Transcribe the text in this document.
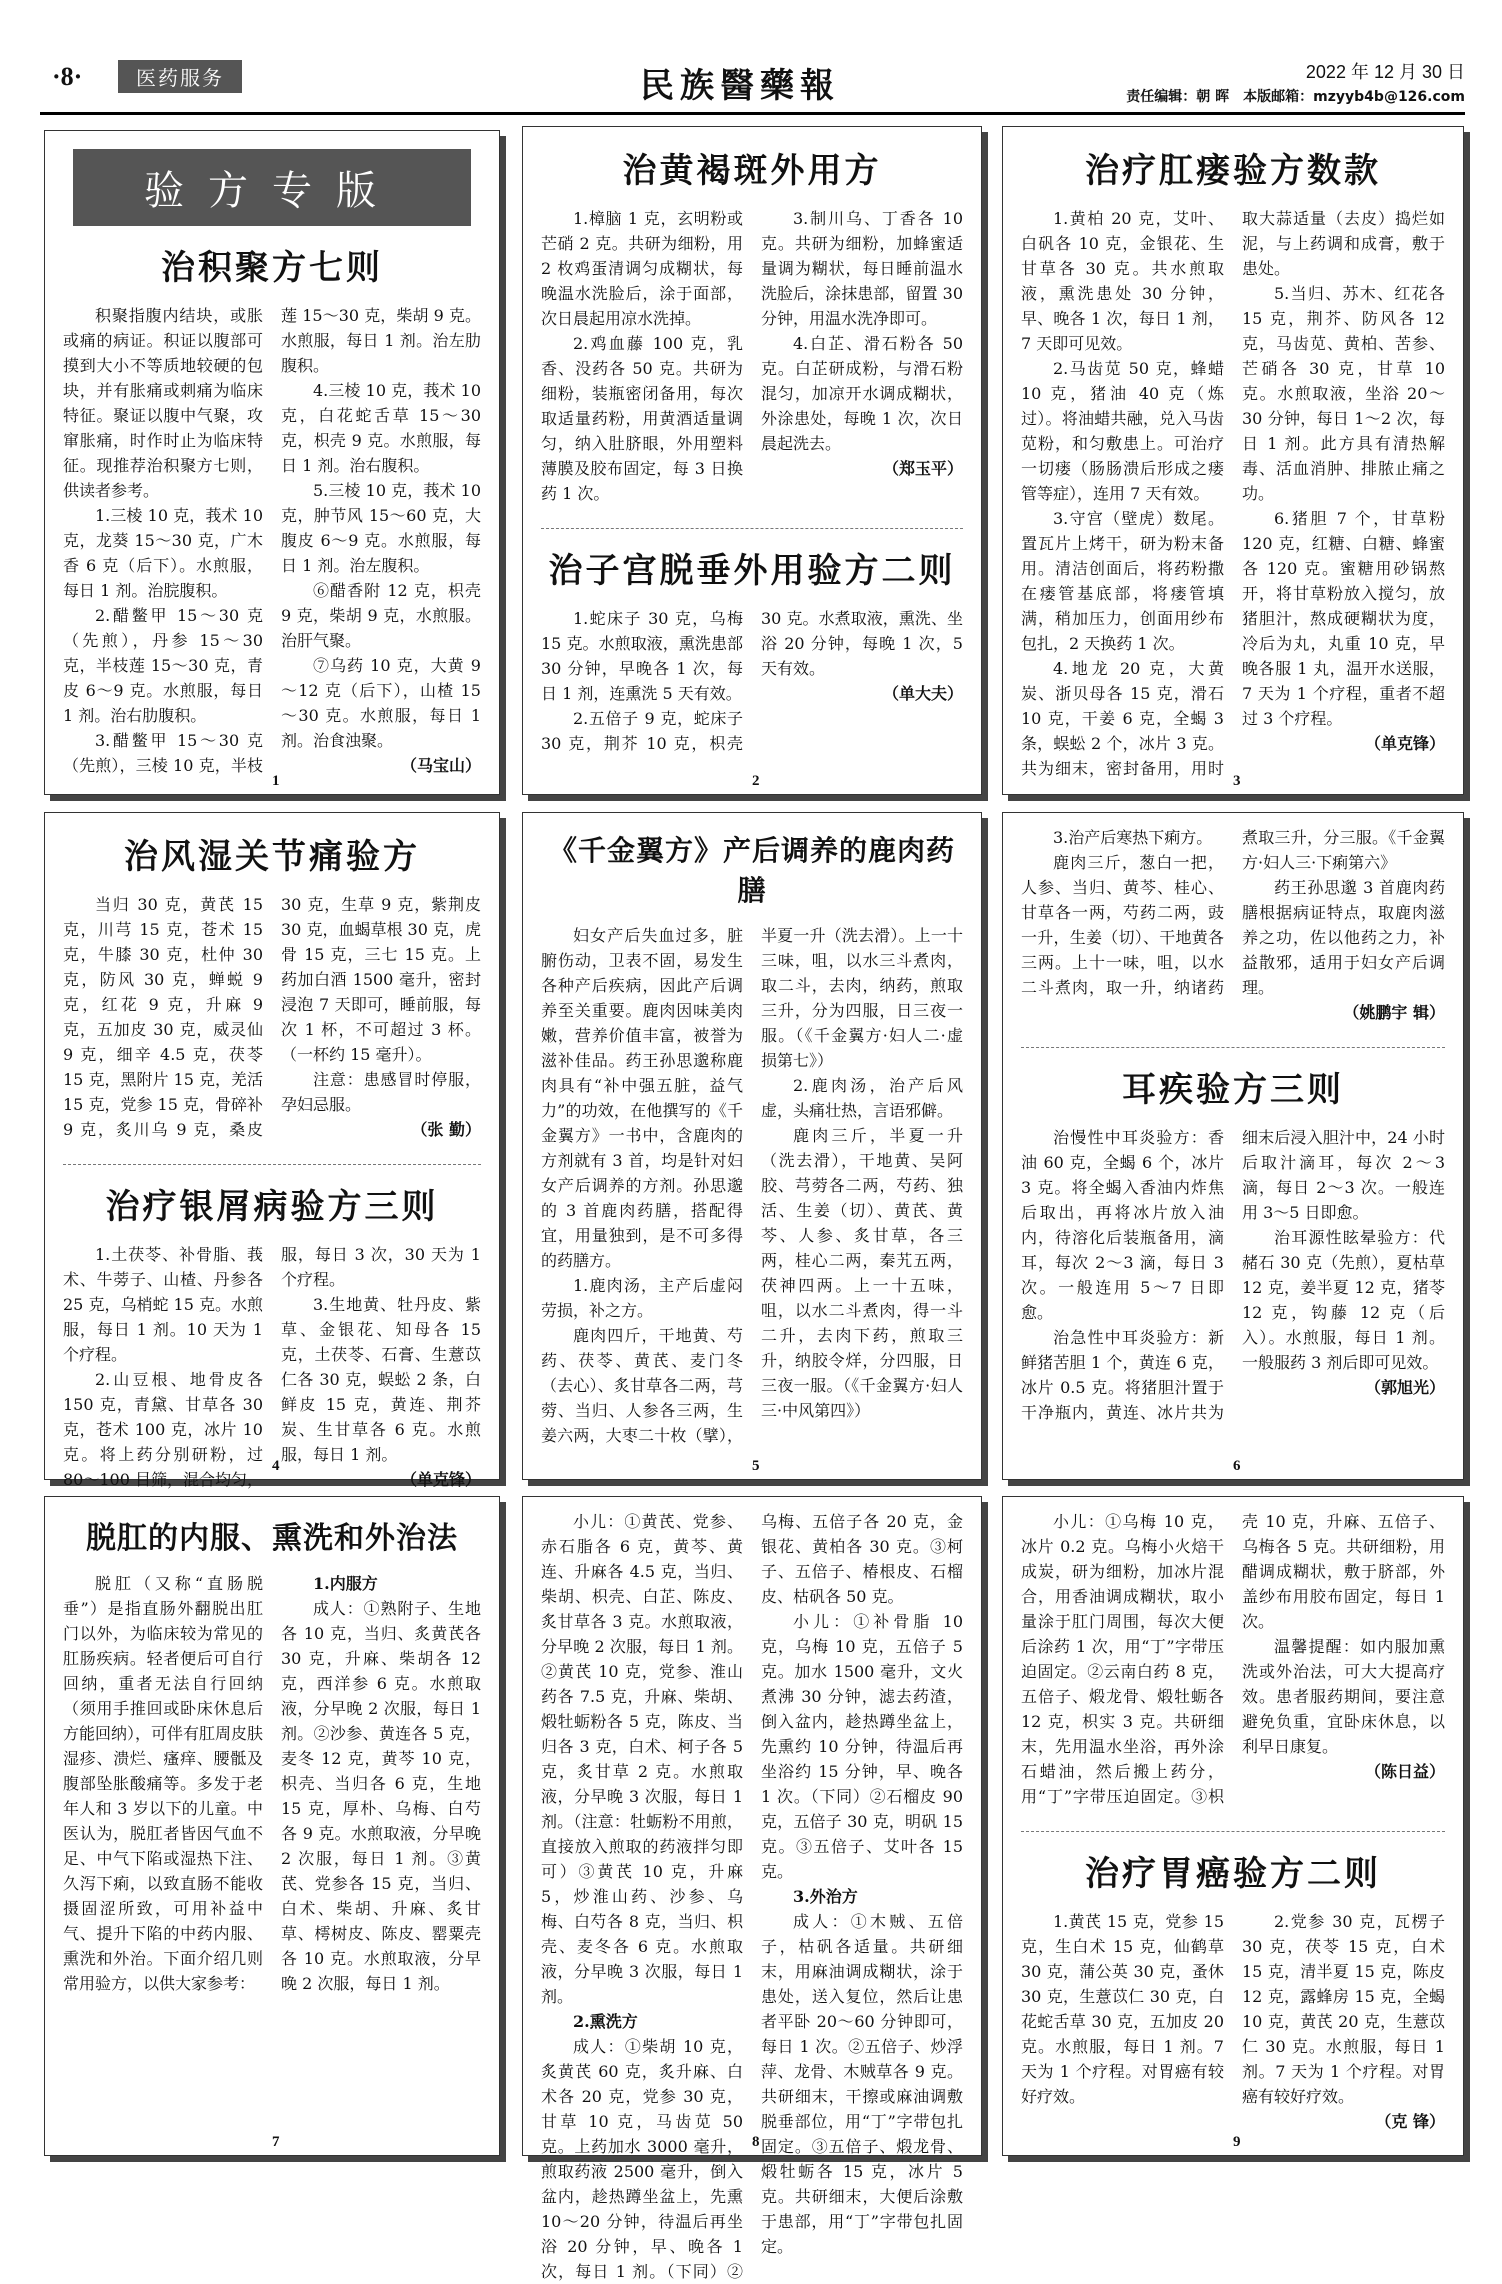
·8·	医药服务	民族醫藥報	2022 年 12 月 30 日
责任编辑：朝 晖　本版邮箱：mzyyb4b@126.com
验方专版
治积聚方七则

积聚指腹内结块，或胀或痛的病证。积证以腹部可摸到大小不等质地较硬的包块，并有胀痛或刺痛为临床特征。聚证以腹中气聚，攻窜胀痛，时作时止为临床特征。现推荐治积聚方七则，供读者参考。

1.三棱 10 克，莪术 10 克，龙葵 15～30 克，广木香 6 克（后下）。水煎服，每日 1 剂。治脘腹积。

2.醋鳖甲 15～30 克（先煎），丹参 15～30 克，半枝莲 15～30 克，青皮 6～9 克。水煎服，每日 1 剂。治右肋腹积。

3.醋鳖甲 15～30 克（先煎），三棱 10 克，半枝莲 15～30 克，柴胡 9 克。水煎服，每日 1 剂。治左肋腹积。

4.三棱 10 克，莪术 10 克，白花蛇舌草 15～30 克，枳壳 9 克。水煎服，每日 1 剂。治右腹积。

5.三棱 10 克，莪术 10 克，肿节风 15～60 克，大腹皮 6～9 克。水煎服，每日 1 剂。治左腹积。

⑥醋香附 12 克，枳壳 9 克，柴胡 9 克，水煎服。治肝气聚。

⑦乌药 10 克，大黄 9～12 克（后下），山楂 15～30 克。水煎服，每日 1 剂。治食浊聚。

（马宝山）
1
治黄褐斑外用方

1.樟脑 1 克，玄明粉或芒硝 2 克。共研为细粉，用 2 枚鸡蛋清调匀成糊状，每晚温水洗脸后，涂于面部，次日晨起用凉水洗掉。

2.鸡血藤 100 克，乳香、没药各 50 克。共研为细粉，装瓶密闭备用，每次取适量药粉，用黄酒适量调匀，纳入肚脐眼，外用塑料薄膜及胶布固定，每 3 日换药 1 次。

3.制川乌、丁香各 10 克。共研为细粉，加蜂蜜适量调为糊状，每日睡前温水洗脸后，涂抹患部，留置 30 分钟，用温水洗净即可。

4.白芷、滑石粉各 50 克。白芷研成粉，与滑石粉混匀，加凉开水调成糊状，外涂患处，每晚 1 次，次日晨起洗去。

（郑玉平）
治子宫脱垂外用验方二则

1.蛇床子 30 克，乌梅 15 克。水煎取液，熏洗患部 30 分钟，早晚各 1 次，每日 1 剂，连熏洗 5 天有效。

2.五倍子 9 克，蛇床子 30 克，荆芥 10 克，枳壳 30 克。水煮取液，熏洗、坐浴 20 分钟，每晚 1 次，5 天有效。

（单大夫）
2
治疗肛瘘验方数款

1.黄柏 20 克，艾叶、白矾各 10 克，金银花、生甘草各 30 克。共水煎取液，熏洗患处 30 分钟，早、晚各 1 次，每日 1 剂，7 天即可见效。

2.马齿苋 50 克，蜂蜡 10 克，猪油 40 克（炼过）。将油蜡共融，兑入马齿苋粉，和匀敷患上。可治疗一切瘘（肠肠溃后形成之瘘管等症），连用 7 天有效。

3.守宫（壁虎）数尾。置瓦片上烤干，研为粉末备用。清洁创面后，将药粉撒在瘘管基底部，将瘘管填满，稍加压力，创面用纱布包扎，2 天换药 1 次。

4.地龙 20 克，大黄炭、浙贝母各 15 克，滑石 10 克，干姜 6 克，全蝎 3 条，蜈蚣 2 个，冰片 3 克。共为细末，密封备用，用时取大蒜适量（去皮）捣烂如泥，与上药调和成膏，敷于患处。

5.当归、苏木、红花各 15 克，荆芥、防风各 12 克，马齿苋、黄柏、苦参、芒硝各 30 克，甘草 10 克。水煎取液，坐浴 20～30 分钟，每日 1～2 次，每日 1 剂。此方具有清热解毒、活血消肿、排脓止痛之功。

6.猪胆 7 个，甘草粉 120 克，红糖、白糖、蜂蜜各 120 克。蜜糖用砂锅熬开，将甘草粉放入搅匀，放猪胆汁，熬成硬糊状为度，冷后为丸，丸重 10 克，早晚各服 1 丸，温开水送服，7 天为 1 个疗程，重者不超过 3 个疗程。

（单克锋）
3
治风湿关节痛验方

当归 30 克，黄芪 15 克，川芎 15 克，苍术 15 克，牛膝 30 克，杜仲 30 克，防风 30 克，蝉蜕 9 克，红花 9 克，升麻 9 克，五加皮 30 克，威灵仙 9 克，细辛 4.5 克，茯苓 15 克，黑附片 15 克，羌活 15 克，党参 15 克，骨碎补 9 克，炙川乌 9 克，桑皮 30 克，生草 9 克，紫荆皮 30 克，血蝎草根 30 克，虎骨 15 克，三七 15 克。上药加白酒 1500 毫升，密封浸泡 7 天即可，睡前服，每次 1 杯，不可超过 3 杯。（一杯约 15 毫升）。

注意：患感冒时停服，孕妇忌服。

（张 勤）
治疗银屑病验方三则

1.土茯苓、补骨脂、莪术、牛蒡子、山楂、丹参各 25 克，乌梢蛇 15 克。水煎服，每日 1 剂。10 天为 1 个疗程。

2.山豆根、地骨皮各 150 克，青黛、甘草各 30 克，苍术 100 克，冰片 10 克。将上药分别研粉，过 80～100 目筛，混合均匀， 服，每日 3 次，30 天为 1 个疗程。

3.生地黄、牡丹皮、紫草、金银花、知母各 15 克，土茯苓、石膏、生薏苡仁各 30 克，蜈蚣 2 条，白鲜皮 15 克，黄连、荆芥炭、生甘草各 6 克。水煎服，每日 1 剂。

（单克锋）
4
《千金翼方》产后调养的鹿肉药膳

妇女产后失血过多，脏腑伤动，卫表不固，易发生各种产后疾病，因此产后调养至关重要。鹿肉因味美肉嫩，营养价值丰富，被誉为滋补佳品。药王孙思邈称鹿肉具有“补中强五脏，益气力”的功效，在他撰写的《千金翼方》一书中，含鹿肉的方剂就有 3 首，均是针对妇女产后调养的方剂。孙思邈的 3 首鹿肉药膳，搭配得宜，用量独到，是不可多得的药膳方。

1.鹿肉汤，主产后虚闷劳损，补之方。

鹿肉四斤，干地黄、芍药、茯苓、黄芪、麦门冬（去心）、炙甘草各二两，芎䓖、当归、人参各三两，生姜六两，大枣二十枚（擘），半夏一升（洗去滑）。上一十三味，咀，以水三斗煮肉，取二斗，去肉，纳药，煎取三升，分为四服，日三夜一服。（《千金翼方·妇人二·虚损第七》）

2.鹿肉汤，治产后风虚，头痛壮热，言语邪僻。

鹿肉三斤，半夏一升（洗去滑），干地黄、吴阿胶、芎䓖各二两，芍药、独活、生姜（切）、黄芪、黄芩、人参、炙甘草，各三两，桂心二两，秦艽五两，茯神四两。上一十五味，咀，以水二斗煮肉，得一斗二升，去肉下药，煎取三升，纳胶令烊，分四服，日三夜一服。（《千金翼方·妇人三·中风第四》）

5

3.治产后寒热下痢方。

鹿肉三斤，葱白一把，人参、当归、黄芩、桂心、甘草各一两，芍药二两，豉一升，生姜（切）、干地黄各三两。上十一味，咀，以水二斗煮肉，取一升，纳诸药煮取三升，分三服。《千金翼方·妇人三·下痢第六》

药王孙思邈 3 首鹿肉药膳根据病证特点，取鹿肉滋养之功，佐以他药之力，补益散邪，适用于妇女产后调理。

（姚鹏宇 辑）
耳疾验方三则

治慢性中耳炎验方：香油 60 克，全蝎 6 个，冰片 3 克。将全蝎入香油内炸焦后取出，再将冰片放入油内，待溶化后装瓶备用，滴耳，每次 2～3 滴，每日 3 次。一般连用 5～7 日即愈。

治急性中耳炎验方：新鲜猪苦胆 1 个，黄连 6 克，冰片 0.5 克。将猪胆汁置于干净瓶内，黄连、冰片共为细末后浸入胆汁中，24 小时后取汁滴耳，每次 2～3 滴，每日 2～3 次。一般连用 3～5 日即愈。

治耳源性眩晕验方：代赭石 30 克（先煎），夏枯草 12 克，姜半夏 12 克，猪苓 12 克，钩藤 12 克（后入）。水煎服，每日 1 剂。一般服药 3 剂后即可见效。

（郭旭光）
6
脱肛的内服、熏洗和外治法

脱肛（又称“直肠脱垂”）是指直肠外翻脱出肛门以外，为临床较为常见的肛肠疾病。轻者便后可自行回纳，重者无法自行回纳（须用手推回或卧床休息后方能回纳），可伴有肛周皮肤湿疹、溃烂、瘙痒、腰骶及腹部坠胀酸痛等。多发于老年人和 3 岁以下的儿童。中医认为，脱肛者皆因气血不足、中气下陷或湿热下注、久泻下痢，以致直肠不能收摄固涩所致，可用补益中气、提升下陷的中药内服、熏洗和外治。下面介绍几则常用验方，以供大家参考：

1.内服方

成人：①熟附子、生地各 10 克，当归、炙黄芪各 30 克，升麻、柴胡各 12 克，西洋参 6 克。水煎取液，分早晚 2 次服，每日 1 剂。②沙参、黄连各 5 克，麦冬 12 克，黄芩 10 克，枳壳、当归各 6 克，生地 15 克，厚朴、乌梅、白芍各 9 克。水煎取液，分早晚 2 次服，每日 1 剂。③黄芪、党参各 15 克，当归、白术、柴胡、升麻、炙甘草、樗树皮、陈皮、罂粟壳各 10 克。水煎取液，分早晚 2 次服，每日 1 剂。

7

小儿：①黄芪、党参、赤石脂各 6 克，黄芩、黄连、升麻各 4.5 克，当归、柴胡、枳壳、白芷、陈皮、炙甘草各 3 克。水煎取液，分早晚 2 次服，每日 1 剂。②黄芪 10 克，党参、淮山药各 7.5 克，升麻、柴胡、煅牡蛎粉各 5 克，陈皮、当归各 3 克，白术、柯子各 5 克，炙甘草 2 克。水煎取液，分早晚 3 次服，每日 1 剂。（注意：牡蛎粉不用煎，直接放入煎取的药液拌匀即可）③黄芪 10 克，升麻 5，炒淮山药、沙参、乌梅、白芍各 8 克，当归、枳壳、麦冬各 6 克。水煎取液，分早晚 3 次服，每日 1 剂。

2.熏洗方

成人：①柴胡 10 克，炙黄芪 60 克，炙升麻、白术各 20 克，党参 30 克，甘草 10 克，马齿苋 50 克。上药加水 3000 毫升，煎取药液 2500 毫升，倒入盆内，趁热蹲坐盆上，先熏 10～20 分钟，待温后再坐浴 20 分钟，早、晚各 1 次，每日 1 剂。（下同）②乌梅、五倍子各 20 克，金银花、黄柏各 30 克。③柯子、五倍子、椿根皮、石榴皮、枯矾各 50 克。

小儿：①补骨脂 10 克，乌梅 10 克，五倍子 5 克。加水 1500 毫升，文火煮沸 30 分钟，滤去药渣，倒入盆内，趁热蹲坐盆上，先熏约 10 分钟，待温后再坐浴约 15 分钟，早、晚各 1 次。（下同）②石榴皮 90 克，五倍子 30 克，明矾 15 克。③五倍子、艾叶各 15 克。

3.外治方

成人：①木贼、五倍子，枯矾各适量。共研细末，用麻油调成糊状，涂于患处，送入复位，然后让患者平卧 20～60 分钟即可，每日 1 次。②五倍子、炒浮萍、龙骨、木贼草各 9 克。共研细末，干擦或麻油调敷脱垂部位，用“丁”字带包扎固定。③五倍子、煅龙骨、煅牡蛎各 15 克，冰片 5 克。共研细末，大便后涂敷于患部，用“丁”字带包扎固定。

8

小儿：①乌梅 10 克，冰片 0.2 克。乌梅小火焙干成炭，研为细粉，加冰片混合，用香油调成糊状，取小量涂于肛门周围，每次大便后涂药 1 次，用“丁”字带压迫固定。②云南白药 8 克，五倍子、煅龙骨、煅牡蛎各 12 克，枳实 3 克。共研细末，先用温水坐浴，再外涂石蜡油，然后搬上药分，用“丁”字带压迫固定。③枳壳 10 克，升麻、五倍子、乌梅各 5 克。共研细粉，用醋调成糊状，敷于脐部，外盖纱布用胶布固定，每日 1 次。

温馨提醒：如内服加熏洗或外治法，可大大提高疗效。患者服药期间，要注意避免负重，宜卧床休息，以利早日康复。

（陈日益）
治疗胃癌验方二则

1.黄芪 15 克，党参 15 克，生白术 15 克，仙鹤草 30 克，蒲公英 30 克，蚤休 30 克，生薏苡仁 30 克，白花蛇舌草 30 克，五加皮 20 克。水煎服，每日 1 剂。7 天为 1 个疗程。对胃癌有较好疗效。

2.党参 30 克，瓦楞子 30 克，茯苓 15 克，白术 15 克，清半夏 15 克，陈皮 12 克，露蜂房 15 克，全蝎 10 克，黄芪 20 克，生薏苡仁 30 克。水煎服，每日 1 剂。7 天为 1 个疗程。对胃癌有较好疗效。

（克 锋）
9
